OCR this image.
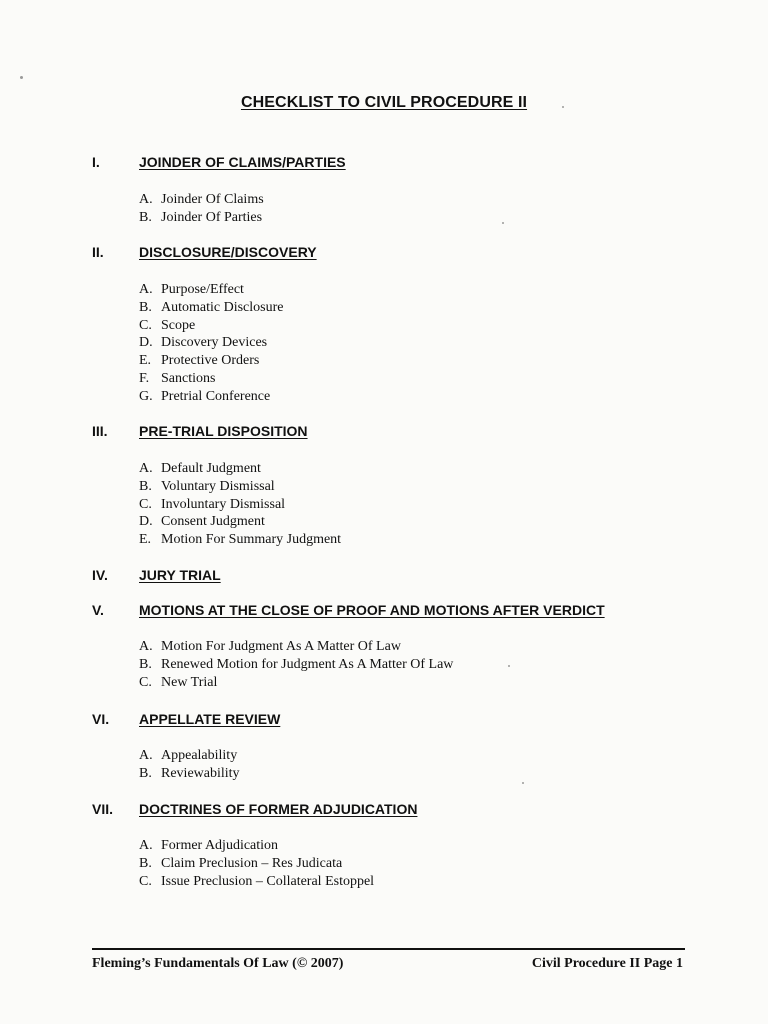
CHECKLIST TO CIVIL PROCEDURE II
I.	JOINDER OF CLAIMS/PARTIES
A. Joinder Of Claims
B. Joinder Of Parties
II.	DISCLOSURE/DISCOVERY
A. Purpose/Effect
B. Automatic Disclosure
C. Scope
D. Discovery Devices
E. Protective Orders
F. Sanctions
G. Pretrial Conference
III. PRE-TRIAL DISPOSITION
A. Default Judgment
B. Voluntary Dismissal
C. Involuntary Dismissal
D. Consent Judgment
E. Motion For Summary Judgment
IV. JURY TRIAL
V.	MOTIONS AT THE CLOSE OF PROOF AND MOTIONS AFTER VERDICT
A. Motion For Judgment As A Matter Of Law
B. Renewed Motion for Judgment As A Matter Of Law
C. New Trial
VI. APPELLATE REVIEW
A. Appealability
B. Reviewability
VII. DOCTRINES OF FORMER ADJUDICATION
A. Former Adjudication
B. Claim Preclusion – Res Judicata
C. Issue Preclusion – Collateral Estoppel
Fleming’s Fundamentals Of Law (© 2007)	Civil Procedure II Page 1
